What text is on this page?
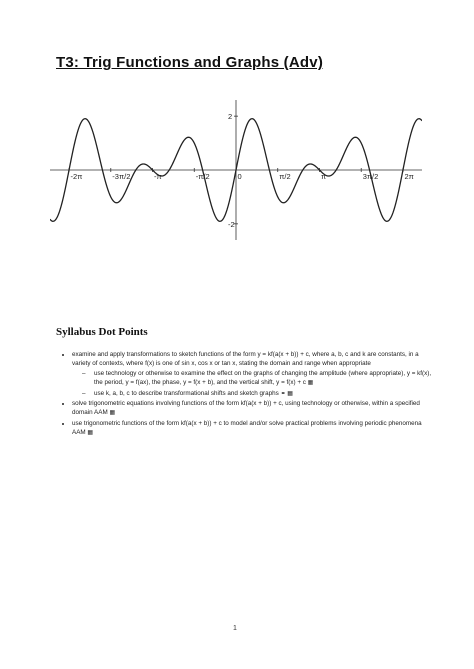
T3: Trig Functions and Graphs (Adv)
-2π	-3π/2	-π	-π/2	0	π/2	π	3π/2	2π
2
-2
Syllabus Dot Points
• examine and apply transformations to sketch functions of the form y = kf(a(x + b)) + c, where a, b, c and k are constants, in a variety of contexts, where f(x) is one of sin x, cos x or tan x, stating the domain and range when appropriate
– use technology or otherwise to examine the effect on the graphs of changing the amplitude (where appropriate), y = kf(x), the period, y = f(ax), the phase, y = f(x + b), and the vertical shift, y = f(x) + c ▦
– use k, a, b, c to describe transformational shifts and sketch graphs ⚭ ▦
• solve trigonometric equations involving functions of the form kf(a(x + b)) + c, using technology or otherwise, within a specified domain AAM ▦
• use trigonometric functions of the form kf(a(x + b)) + c to model and/or solve practical problems involving periodic phenomena AAM ▦
1
